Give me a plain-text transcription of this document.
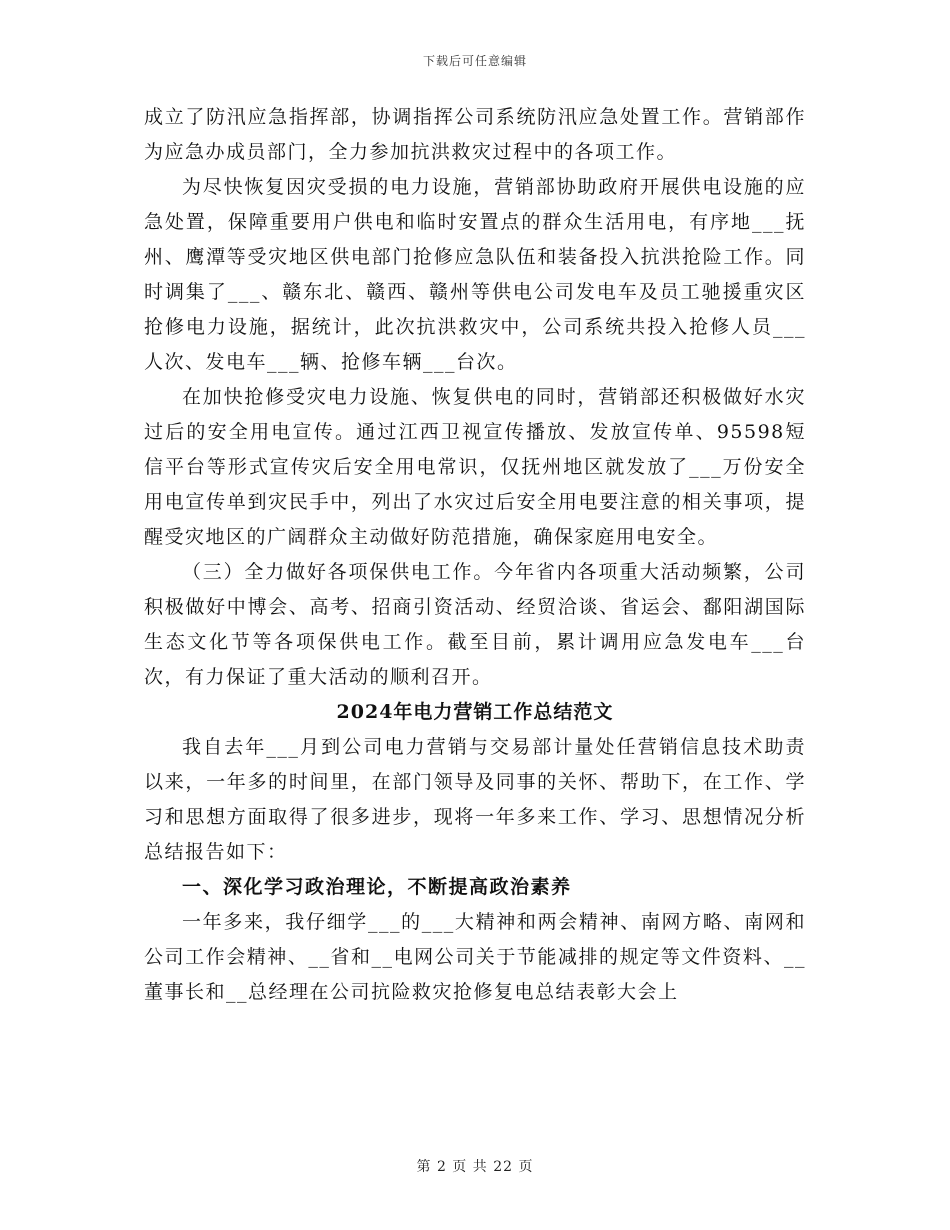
下载后可任意编辑

成立了防汛应急指挥部，协调指挥公司系统防汛应急处置工作。营销部作为应急办成员部门，全力参加抗洪救灾过程中的各项工作。

为尽快恢复因灾受损的电力设施，营销部协助政府开展供电设施的应急处置，保障重要用户供电和临时安置点的群众生活用电，有序地___抚州、鹰潭等受灾地区供电部门抢修应急队伍和装备投入抗洪抢险工作。同时调集了___、赣东北、赣西、赣州等供电公司发电车及员工驰援重灾区抢修电力设施，据统计，此次抗洪救灾中，公司系统共投入抢修人员___人次、发电车___辆、抢修车辆___台次。

在加快抢修受灾电力设施、恢复供电的同时，营销部还积极做好水灾过后的安全用电宣传。通过江西卫视宣传播放、发放宣传单、95598短信平台等形式宣传灾后安全用电常识，仅抚州地区就发放了___万份安全用电宣传单到灾民手中，列出了水灾过后安全用电要注意的相关事项，提醒受灾地区的广阔群众主动做好防范措施，确保家庭用电安全。

（三）全力做好各项保供电工作。今年省内各项重大活动频繁，公司积极做好中博会、高考、招商引资活动、经贸洽谈、省运会、鄱阳湖国际生态文化节等各项保供电工作。截至目前，累计调用应急发电车___台次，有力保证了重大活动的顺利召开。

2024年电力营销工作总结范文

我自去年___月到公司电力营销与交易部计量处任营销信息技术助责以来，一年多的时间里，在部门领导及同事的关怀、帮助下，在工作、学习和思想方面取得了很多进步，现将一年多来工作、学习、思想情况分析总结报告如下：

一、深化学习政治理论，不断提高政治素养

一年多来，我仔细学___的___大精神和两会精神、南网方略、南网和公司工作会精神、__省和__电网公司关于节能减排的规定等文件资料、__董事长和__总经理在公司抗险救灾抢修复电总结表彰大会上

第 2 页 共 22 页
